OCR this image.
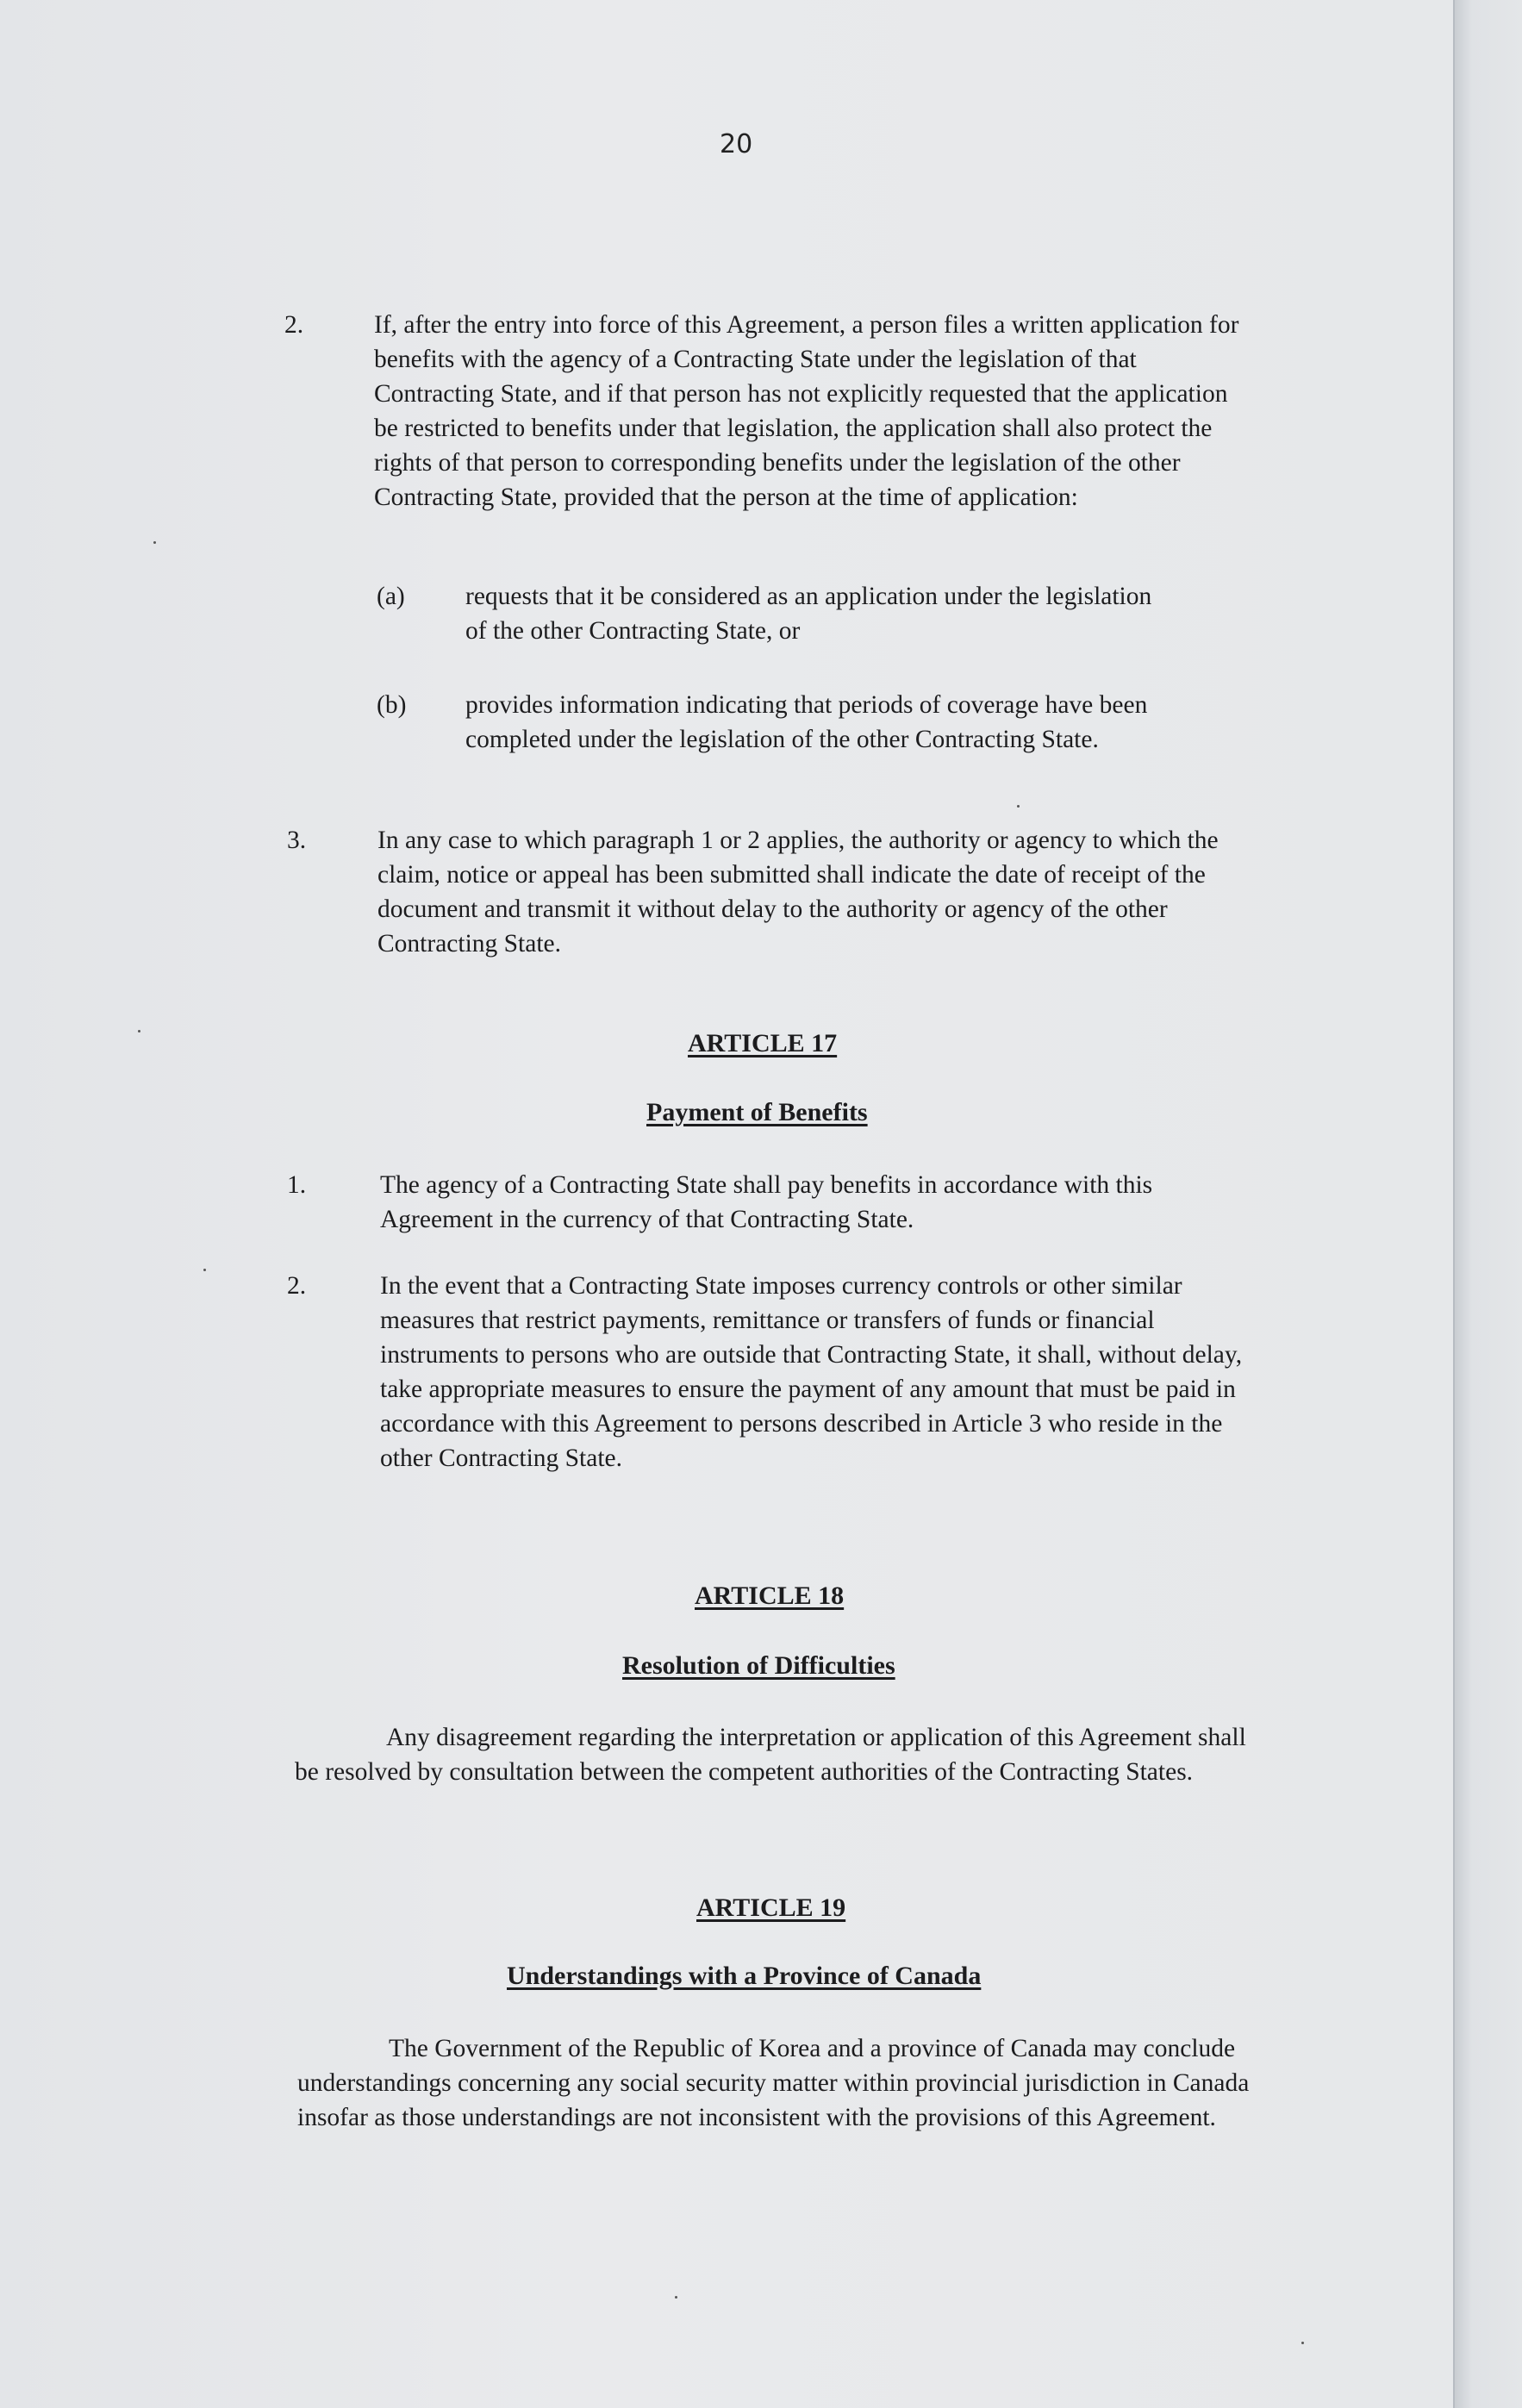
20
2.	If, after the entry into force of this Agreement, a person files a written application for benefits with the agency of a Contracting State under the legislation of that Contracting State, and if that person has not explicitly requested that the application be restricted to benefits under that legislation, the application shall also protect the rights of that person to corresponding benefits under the legislation of the other Contracting State, provided that the person at the time of application:
(a) requests that it be considered as an application under the legislation of the other Contracting State, or
(b) provides information indicating that periods of coverage have been completed under the legislation of the other Contracting State.
3.	In any case to which paragraph 1 or 2 applies, the authority or agency to which the claim, notice or appeal has been submitted shall indicate the date of receipt of the document and transmit it without delay to the authority or agency of the other Contracting State.
ARTICLE 17
Payment of Benefits
1.	The agency of a Contracting State shall pay benefits in accordance with this Agreement in the currency of that Contracting State.
2.	In the event that a Contracting State imposes currency controls or other similar measures that restrict payments, remittance or transfers of funds or financial instruments to persons who are outside that Contracting State, it shall, without delay, take appropriate measures to ensure the payment of any amount that must be paid in accordance with this Agreement to persons described in Article 3 who reside in the other Contracting State.
ARTICLE 18
Resolution of Difficulties
Any disagreement regarding the interpretation or application of this Agreement shall be resolved by consultation between the competent authorities of the Contracting States.
ARTICLE 19
Understandings with a Province of Canada
The Government of the Republic of Korea and a province of Canada may conclude understandings concerning any social security matter within provincial jurisdiction in Canada insofar as those understandings are not inconsistent with the provisions of this Agreement.
